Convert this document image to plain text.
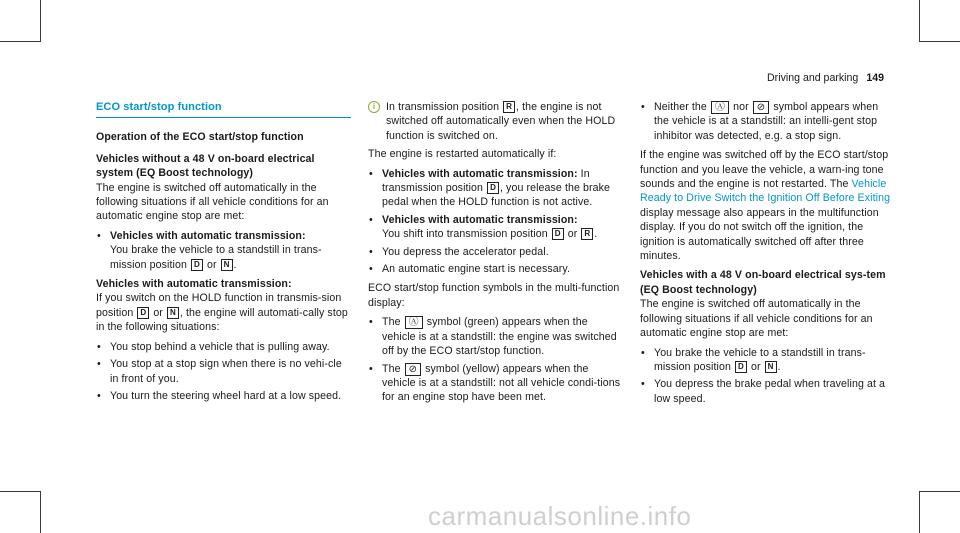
Driving and parking 149
ECO start/stop function

Operation of the ECO start/stop function

Vehicles without a 48 V on-board electrical system (EQ Boost technology)

The engine is switched off automatically in the following situations if all vehicle conditions for an automatic engine stop are met:

• Vehicles with automatic transmission:
You brake the vehicle to a standstill in trans-mission position D or N .

Vehicles with automatic transmission:

If you switch on the HOLD function in transmis-sion position D or N , the engine will automati-cally stop in the following situations:

• You stop behind a vehicle that is pulling away.
• You stop at a stop sign when there is no vehi-cle in front of you.
• You turn the steering wheel hard at a low speed.
i	In transmission position R , the engine is not switched off automatically even when the HOLD function is switched on.

The engine is restarted automatically if:

• Vehicles with automatic transmission: In transmission position D , you release the brake pedal when the HOLD function is not active.
• Vehicles with automatic transmission:
You shift into transmission position D or R .
• You depress the accelerator pedal.
• An automatic engine start is necessary.

ECO start/stop function symbols in the multi-function display:

• The Ⓐ symbol (green) appears when the vehicle is at a standstill: the engine was switched off by the ECO start/stop function.
• The ⊘ symbol (yellow) appears when the vehicle is at a standstill: not all vehicle condi-tions for an engine stop have been met.
• Neither the Ⓐ nor ⊘ symbol appears when the vehicle is at a standstill: an intelli-gent stop inhibitor was detected, e.g. a stop sign.

If the engine was switched off by the ECO start/stop function and you leave the vehicle, a warn-ing tone sounds and the engine is not restarted. The Vehicle Ready to Drive Switch the Ignition Off Before Exiting display message also appears in the multifunction display. If you do not switch off the ignition, the ignition is automatically switched off after three minutes.

Vehicles with a 48 V on-board electrical sys-tem (EQ Boost technology)

The engine is switched off automatically in the following situations if all vehicle conditions for an automatic engine stop are met:

• You brake the vehicle to a standstill in trans-mission position D or N .
• You depress the brake pedal when traveling at a low speed.
carmanualsonline.info
